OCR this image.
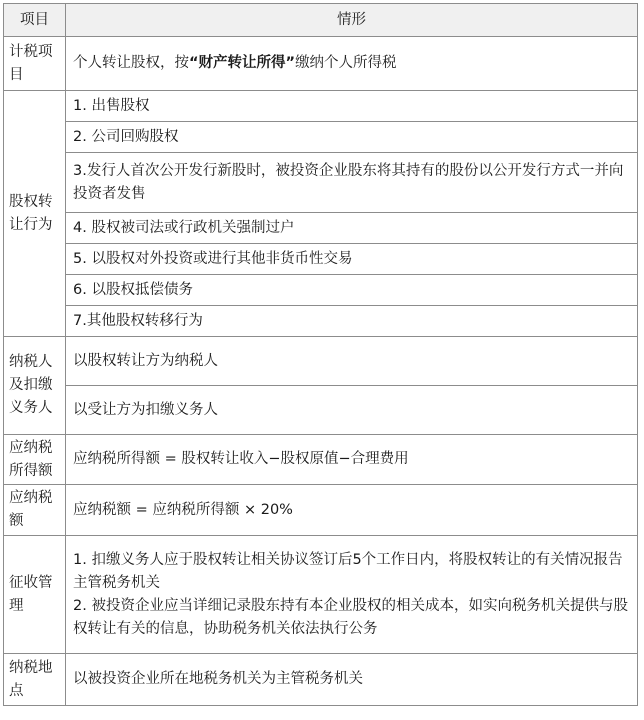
项目	情形
计税项目	个人转让股权，按“财产转让所得”缴纳个人所得税
股权转让行为	1. 出售股权
	2. 公司回购股权
	3.发行人首次公开发行新股时，被投资企业股东将其持有的股份以公开发行方式一并向投资者发售
	4. 股权被司法或行政机关强制过户
	5. 以股权对外投资或进行其他非货币性交易
	6. 以股权抵偿债务
	7.其他股权转移行为
纳税人及扣缴义务人	以股权转让方为纳税人
	以受让方为扣缴义务人
应纳税所得额	应纳税所得额 = 股权转让收入−股权原值−合理费用
应纳税额	应纳税额 = 应纳税所得额 × 20%
征收管理	1. 扣缴义务人应于股权转让相关协议签订后5个工作日内，将股权转让的有关情况报告主管税务机关
2. 被投资企业应当详细记录股东持有本企业股权的相关成本，如实向税务机关提供与股权转让有关的信息，协助税务机关依法执行公务

纳税地点	以被投资企业所在地税务机关为主管税务机关
